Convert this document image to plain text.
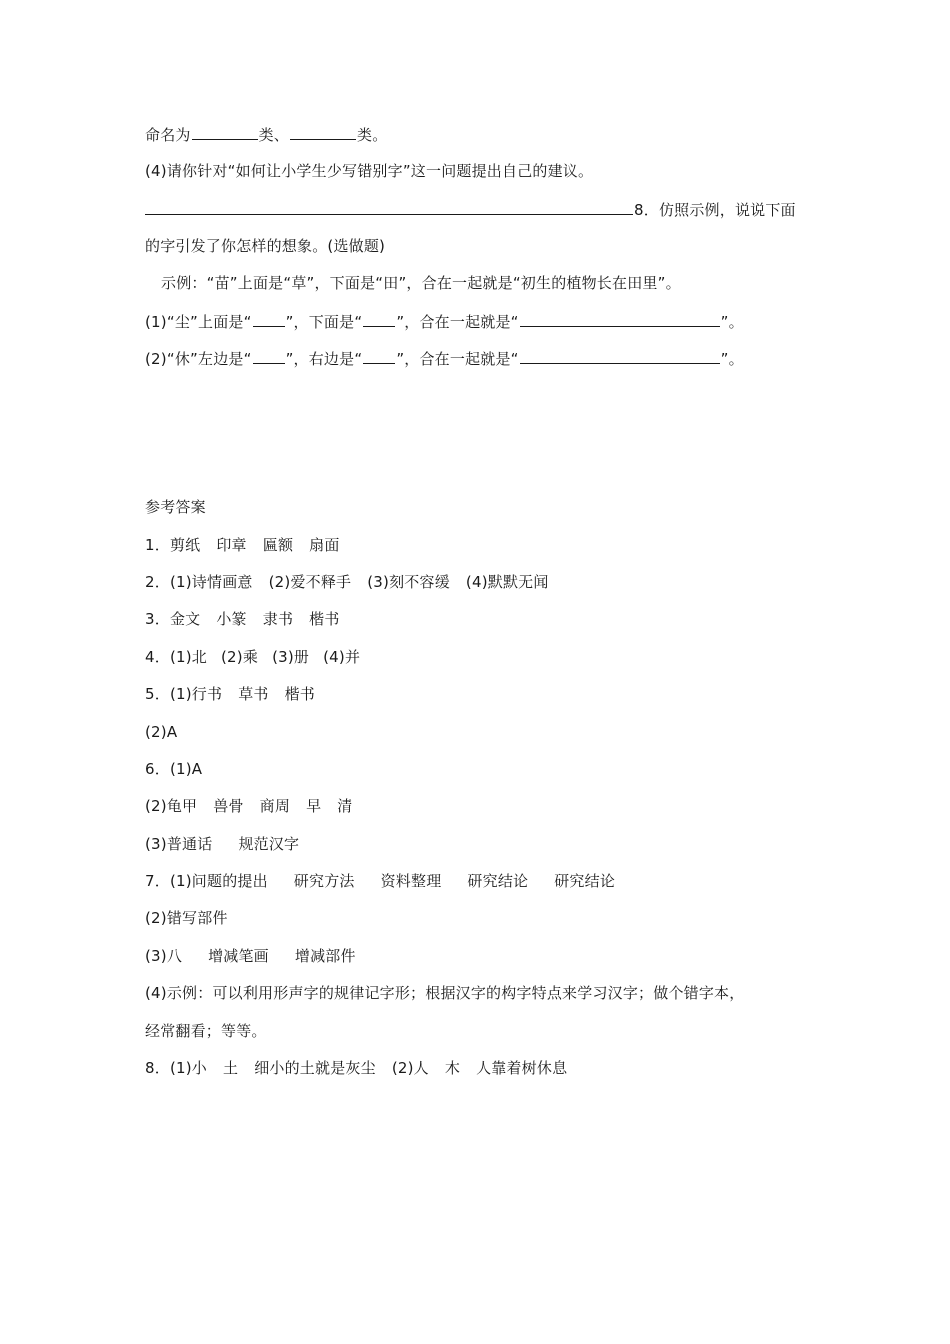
命名为	类、	类。
(4)请你针对“如何让小学生少写错别字”这一问题提出自己的建议。
8．仿照示例，说说下面
的字引发了你怎样的想象。(选做题)
示例：“苗”上面是“草”，下面是“田”，合在一起就是“初生的植物长在田里”。
(1)“尘”上面是“ ”，下面是“ ”，合在一起就是“	”。
(2)“休”左边是“ ”，右边是“ ”，合在一起就是“	”。
参考答案
1．剪纸 印章 匾额 扇面
2．(1)诗情画意 (2)爱不释手 (3)刻不容缓 (4)默默无闻
3．金文 小篆 隶书 楷书
4．(1)北 (2)乘 (3)册 (4)并
5．(1)行书 草书 楷书
(2)A
6．(1)A
(2)龟甲 兽骨 商周 早 清
(3)普通话 规范汉字
7．(1)问题的提出 研究方法 资料整理 研究结论 研究结论
(2)错写部件
(3)八 增减笔画 增减部件
(4)示例：可以利用形声字的规律记字形；根据汉字的构字特点来学习汉字；做个错字本，
经常翻看；等等。
8．(1)小 土 细小的土就是灰尘 (2)人 木 人靠着树休息
